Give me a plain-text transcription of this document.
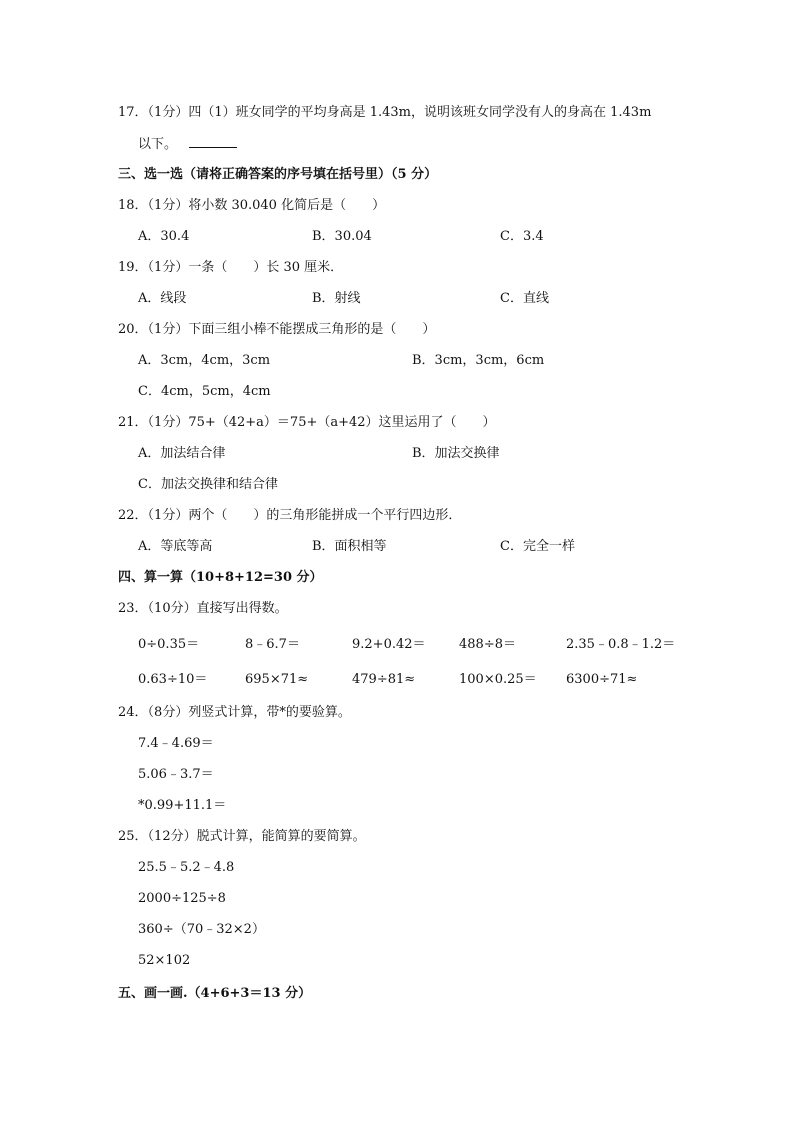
17．（1分）四（1）班女同学的平均身高是 1.43m，说明该班女同学没有人的身高在 1.43m
以下。
三、选一选（请将正确答案的序号填在括号里）（5 分）
18．（1分）将小数 30.040 化简后是（　　）
A．30.4	B．30.04	C．3.4
19．（1分）一条（　　）长 30 厘米．
A．线段	B．射线	C．直线
20．（1分）下面三组小棒不能摆成三角形的是（　　）
A．3cm，4cm，3cm	B．3cm，3cm，6cm
C．4cm，5cm，4cm
21．（1分）75+（42+a）＝75+（a+42）这里运用了（　　）
A．加法结合律	B．加法交换律
C．加法交换律和结合律
22．（1分）两个（　　）的三角形能拼成一个平行四边形．
A．等底等高	B．面积相等	C．完全一样
四、算一算（10+8+12=30 分）
23．（10分）直接写出得数。
0÷0.35＝	8﹣6.7＝	9.2+0.42＝	488÷8＝	2.35﹣0.8﹣1.2＝
0.63÷10＝	695×71≈	479÷81≈	100×0.25＝ 6300÷71≈
24．（8分）列竖式计算，带*的要验算。
7.4﹣4.69＝
5.06﹣3.7＝
*0.99+11.1＝
25．（12分）脱式计算，能简算的要简算。
25.5﹣5.2﹣4.8
2000÷125÷8
360÷（70﹣32×2）
52×102
五、画一画.（4+6+3＝13 分）
